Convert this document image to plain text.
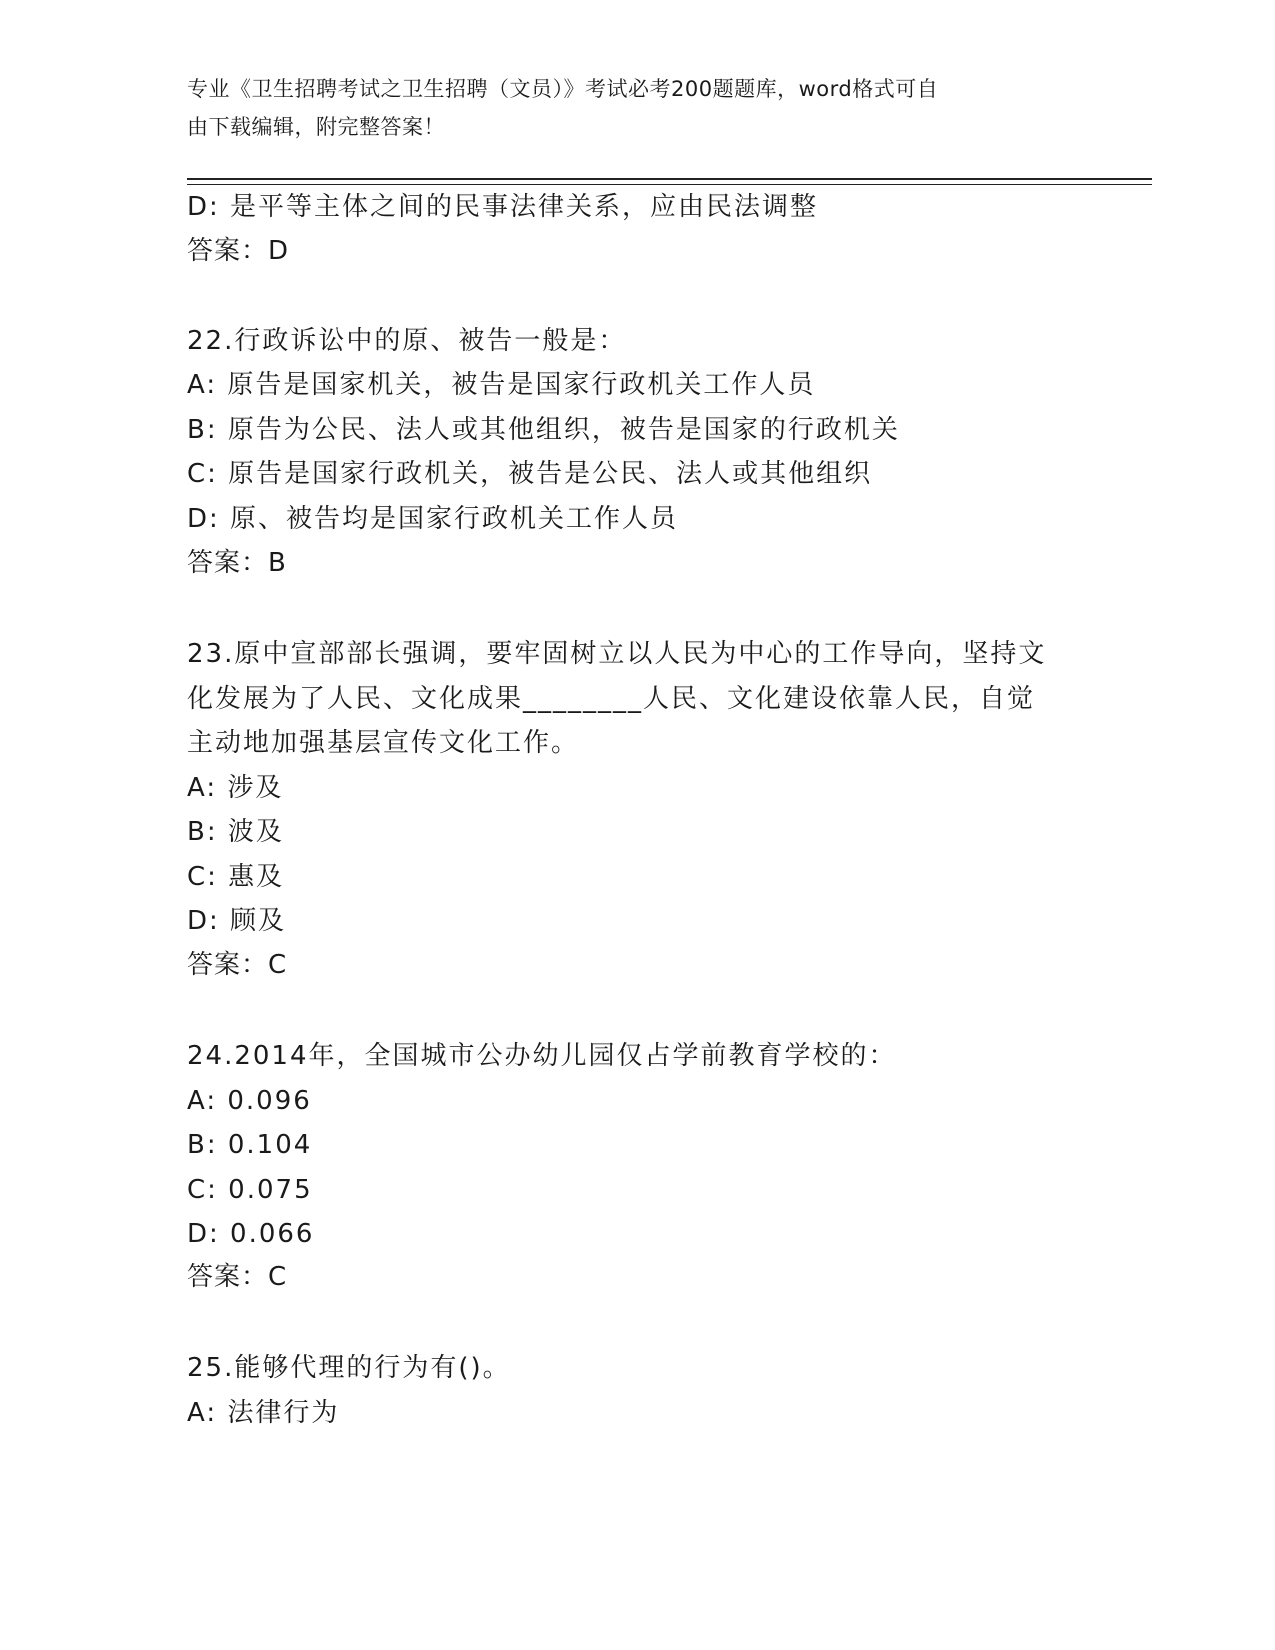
专业《卫生招聘考试之卫生招聘（文员）》考试必考200题题库，word格式可自
由下载编辑，附完整答案！
D: 是平等主体之间的民事法律关系，应由民法调整
答案：D
22.行政诉讼中的原、被告一般是：
A: 原告是国家机关，被告是国家行政机关工作人员
B: 原告为公民、法人或其他组织，被告是国家的行政机关
C: 原告是国家行政机关，被告是公民、法人或其他组织
D: 原、被告均是国家行政机关工作人员
答案：B
23.原中宣部部长强调，要牢固树立以人民为中心的工作导向，坚持文
化发展为了人民、文化成果________人民、文化建设依靠人民，自觉
主动地加强基层宣传文化工作。
A: 涉及
B: 波及
C: 惠及
D: 顾及
答案：C
24.2014年，全国城市公办幼儿园仅占学前教育学校的：
A: 0.096
B: 0.104
C: 0.075
D: 0.066
答案：C
25.能够代理的行为有()。
A: 法律行为
